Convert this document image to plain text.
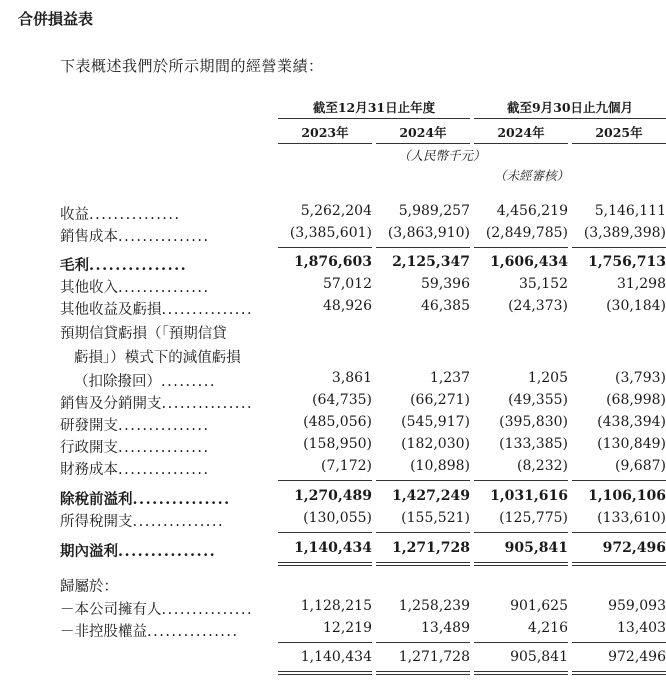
合併損益表
下表概述我們於所示期間的經營業績：
截至12月31日止年度	截至9月30日止九個月
2023年	2024年	2024年	2025年
（人民幣千元）
（未經審核）
收益...............	5,262,204	5,989,257	4,456,219	5,146,111
銷售成本...............	(3,385,601)	(3,863,910)	(2,849,785)	(3,389,398)
毛利...............	1,876,603	2,125,347	1,606,434	1,756,713
其他收入...............	57,012	59,396	35,152	31,298
其他收益及虧損...............	48,926	46,385	(24,373)	(30,184)
預期信貸虧損（「預期信貸
虧損」）模式下的減值虧損
（扣除撥回）.........	3,861	1,237	1,205	(3,793)
銷售及分銷開支...............	(64,735)	(66,271)	(49,355)	(68,998)
研發開支...............	(485,056)	(545,917)	(395,830)	(438,394)
行政開支...............	(158,950)	(182,030)	(133,385)	(130,849)
財務成本...............	(7,172)	(10,898)	(8,232)	(9,687)
除稅前溢利...............	1,270,489	1,427,249	1,031,616	1,106,106
所得稅開支...............	(130,055)	(155,521)	(125,775)	(133,610)
期內溢利...............	1,140,434	1,271,728	905,841	972,496
歸屬於：
－本公司擁有人...............	1,128,215	1,258,239	901,625	959,093
－非控股權益...............	12,219	13,489	4,216	13,403
1,140,434	1,271,728	905,841	972,496
